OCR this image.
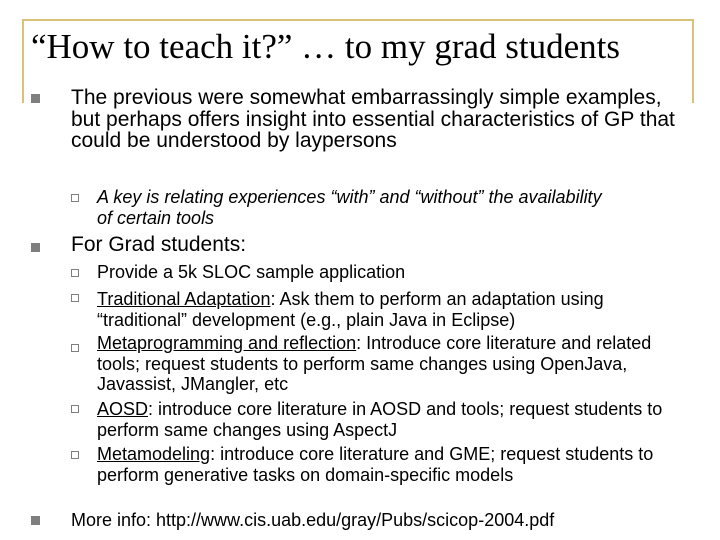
“How to teach it?” … to my grad students
The previous were somewhat embarrassingly simple examples, but perhaps offers insight into essential characteristics of GP that could be understood by laypersons
A key is relating experiences “with” and “without” the availability of certain tools
For Grad students:
Provide a 5k SLOC sample application
Traditional Adaptation: Ask them to perform an adaptation using “traditional” development (e.g., plain Java in Eclipse)
Metaprogramming and reflection: Introduce core literature and related tools; request students to perform same changes using OpenJava, Javassist, JMangler, etc
AOSD: introduce core literature in AOSD and tools; request students to perform same changes using AspectJ
Metamodeling: introduce core literature and GME; request students to perform generative tasks on domain-specific models
More info: http://www.cis.uab.edu/gray/Pubs/scicop-2004.pdf
